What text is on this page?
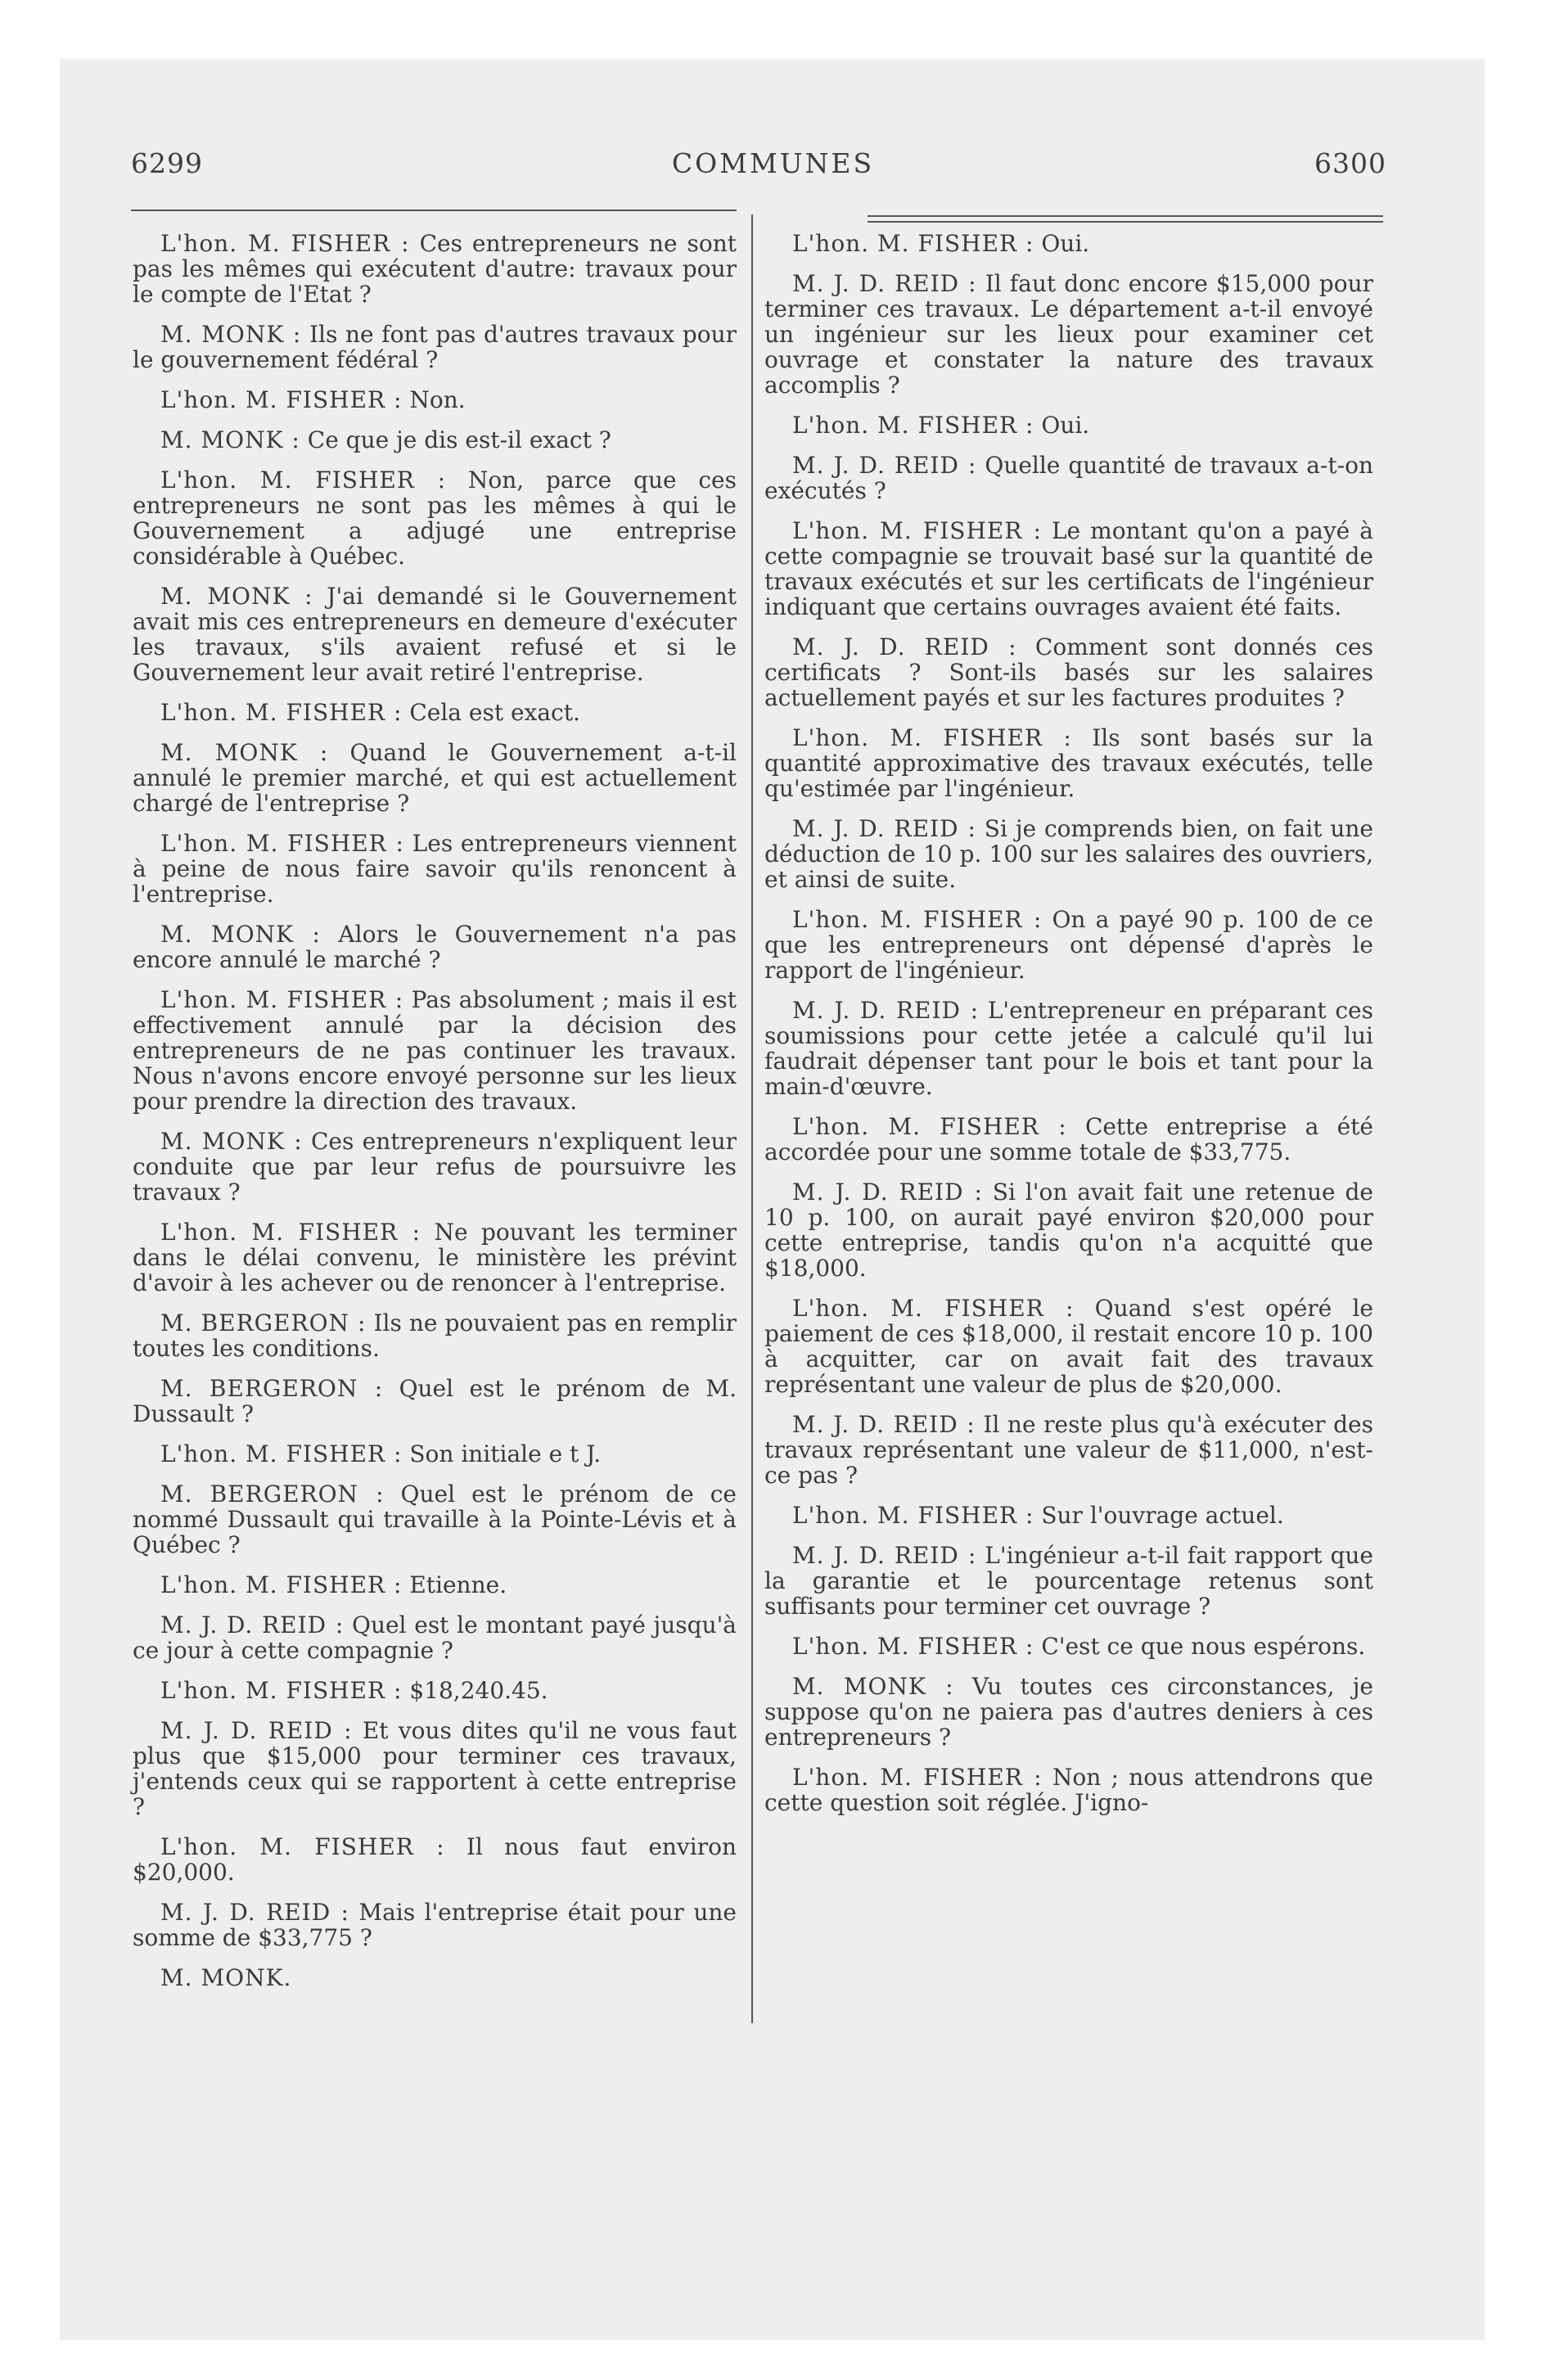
COMMUNES
6299	6300

L'hon. M. FISHER : Ces entrepreneurs ne sont pas les mêmes qui exécutent d'autre: travaux pour le compte de l'Etat ?

M. MONK : Ils ne font pas d'autres travaux pour le gouvernement fédéral ?

L'hon. M. FISHER : Non.

M. MONK : Ce que je dis est-il exact ?

L'hon. M. FISHER : Non, parce que ces entrepreneurs ne sont pas les mêmes à qui le Gouvernement a adjugé une entreprise considérable à Québec.

M. MONK : J'ai demandé si le Gouvernement avait mis ces entrepreneurs en demeure d'exécuter les travaux, s'ils avaient refusé et si le Gouvernement leur avait retiré l'entreprise.

L'hon. M. FISHER : Cela est exact.

M. MONK : Quand le Gouvernement a-t-il annulé le premier marché, et qui est actuellement chargé de l'entreprise ?

L'hon. M. FISHER : Les entrepreneurs viennent à peine de nous faire savoir qu'ils renoncent à l'entreprise.

M. MONK : Alors le Gouvernement n'a pas encore annulé le marché ?

L'hon. M. FISHER : Pas absolument ; mais il est effectivement annulé par la décision des entrepreneurs de ne pas continuer les travaux. Nous n'avons encore envoyé personne sur les lieux pour prendre la direction des travaux.

M. MONK : Ces entrepreneurs n'expliquent leur conduite que par leur refus de poursuivre les travaux ?

L'hon. M. FISHER : Ne pouvant les terminer dans le délai convenu, le ministère les prévint d'avoir à les achever ou de renoncer à l'entreprise.

M. BERGERON : Ils ne pouvaient pas en remplir toutes les conditions.

M. BERGERON : Quel est le prénom de M. Dussault ?

L'hon. M. FISHER : Son initiale e t J.

M. BERGERON : Quel est le prénom de ce nommé Dussault qui travaille à la Pointe-Lévis et à Québec ?

L'hon. M. FISHER : Etienne.

M. J. D. REID : Quel est le montant payé jusqu'à ce jour à cette compagnie ?

L'hon. M. FISHER : $18,240.45.

M. J. D. REID : Et vous dites qu'il ne vous faut plus que $15,000 pour terminer ces travaux, j'entends ceux qui se rapportent à cette entreprise ?

L'hon. M. FISHER : Il nous faut environ $20,000.

M. J. D. REID : Mais l'entreprise était pour une somme de $33,775 ?

M. MONK.

L'hon. M. FISHER : Oui.

M. J. D. REID : Il faut donc encore $15,000 pour terminer ces travaux. Le département a-t-il envoyé un ingénieur sur les lieux pour examiner cet ouvrage et constater la nature des travaux accomplis ?

L'hon. M. FISHER : Oui.

M. J. D. REID : Quelle quantité de travaux a-t-on exécutés ?

L'hon. M. FISHER : Le montant qu'on a payé à cette compagnie se trouvait basé sur la quantité de travaux exécutés et sur les certificats de l'ingénieur indiquant que certains ouvrages avaient été faits.

M. J. D. REID : Comment sont donnés ces certificats ? Sont-ils basés sur les salaires actuellement payés et sur les factures produites ?

L'hon. M. FISHER : Ils sont basés sur la quantité approximative des travaux exécutés, telle qu'estimée par l'ingénieur.

M. J. D. REID : Si je comprends bien, on fait une déduction de 10 p. 100 sur les salaires des ouvriers, et ainsi de suite.

L'hon. M. FISHER : On a payé 90 p. 100 de ce que les entrepreneurs ont dépensé d'après le rapport de l'ingénieur.

M. J. D. REID : L'entrepreneur en préparant ces soumissions pour cette jetée a calculé qu'il lui faudrait dépenser tant pour le bois et tant pour la main-d'œuvre.

L'hon. M. FISHER : Cette entreprise a été accordée pour une somme totale de $33,775.

M. J. D. REID : Si l'on avait fait une retenue de 10 p. 100, on aurait payé environ $20,000 pour cette entreprise, tandis qu'on n'a acquitté que $18,000.

L'hon. M. FISHER : Quand s'est opéré le paiement de ces $18,000, il restait encore 10 p. 100 à acquitter, car on avait fait des travaux représentant une valeur de plus de $20,000.

M. J. D. REID : Il ne reste plus qu'à exécuter des travaux représentant une valeur de $11,000, n'est-ce pas ?

L'hon. M. FISHER : Sur l'ouvrage actuel.

M. J. D. REID : L'ingénieur a-t-il fait rapport que la garantie et le pourcentage retenus sont suffisants pour terminer cet ouvrage ?

L'hon. M. FISHER : C'est ce que nous espérons.

M. MONK : Vu toutes ces circonstances, je suppose qu'on ne paiera pas d'autres deniers à ces entrepreneurs ?

L'hon. M. FISHER : Non ; nous attendrons que cette question soit réglée. J'igno-
